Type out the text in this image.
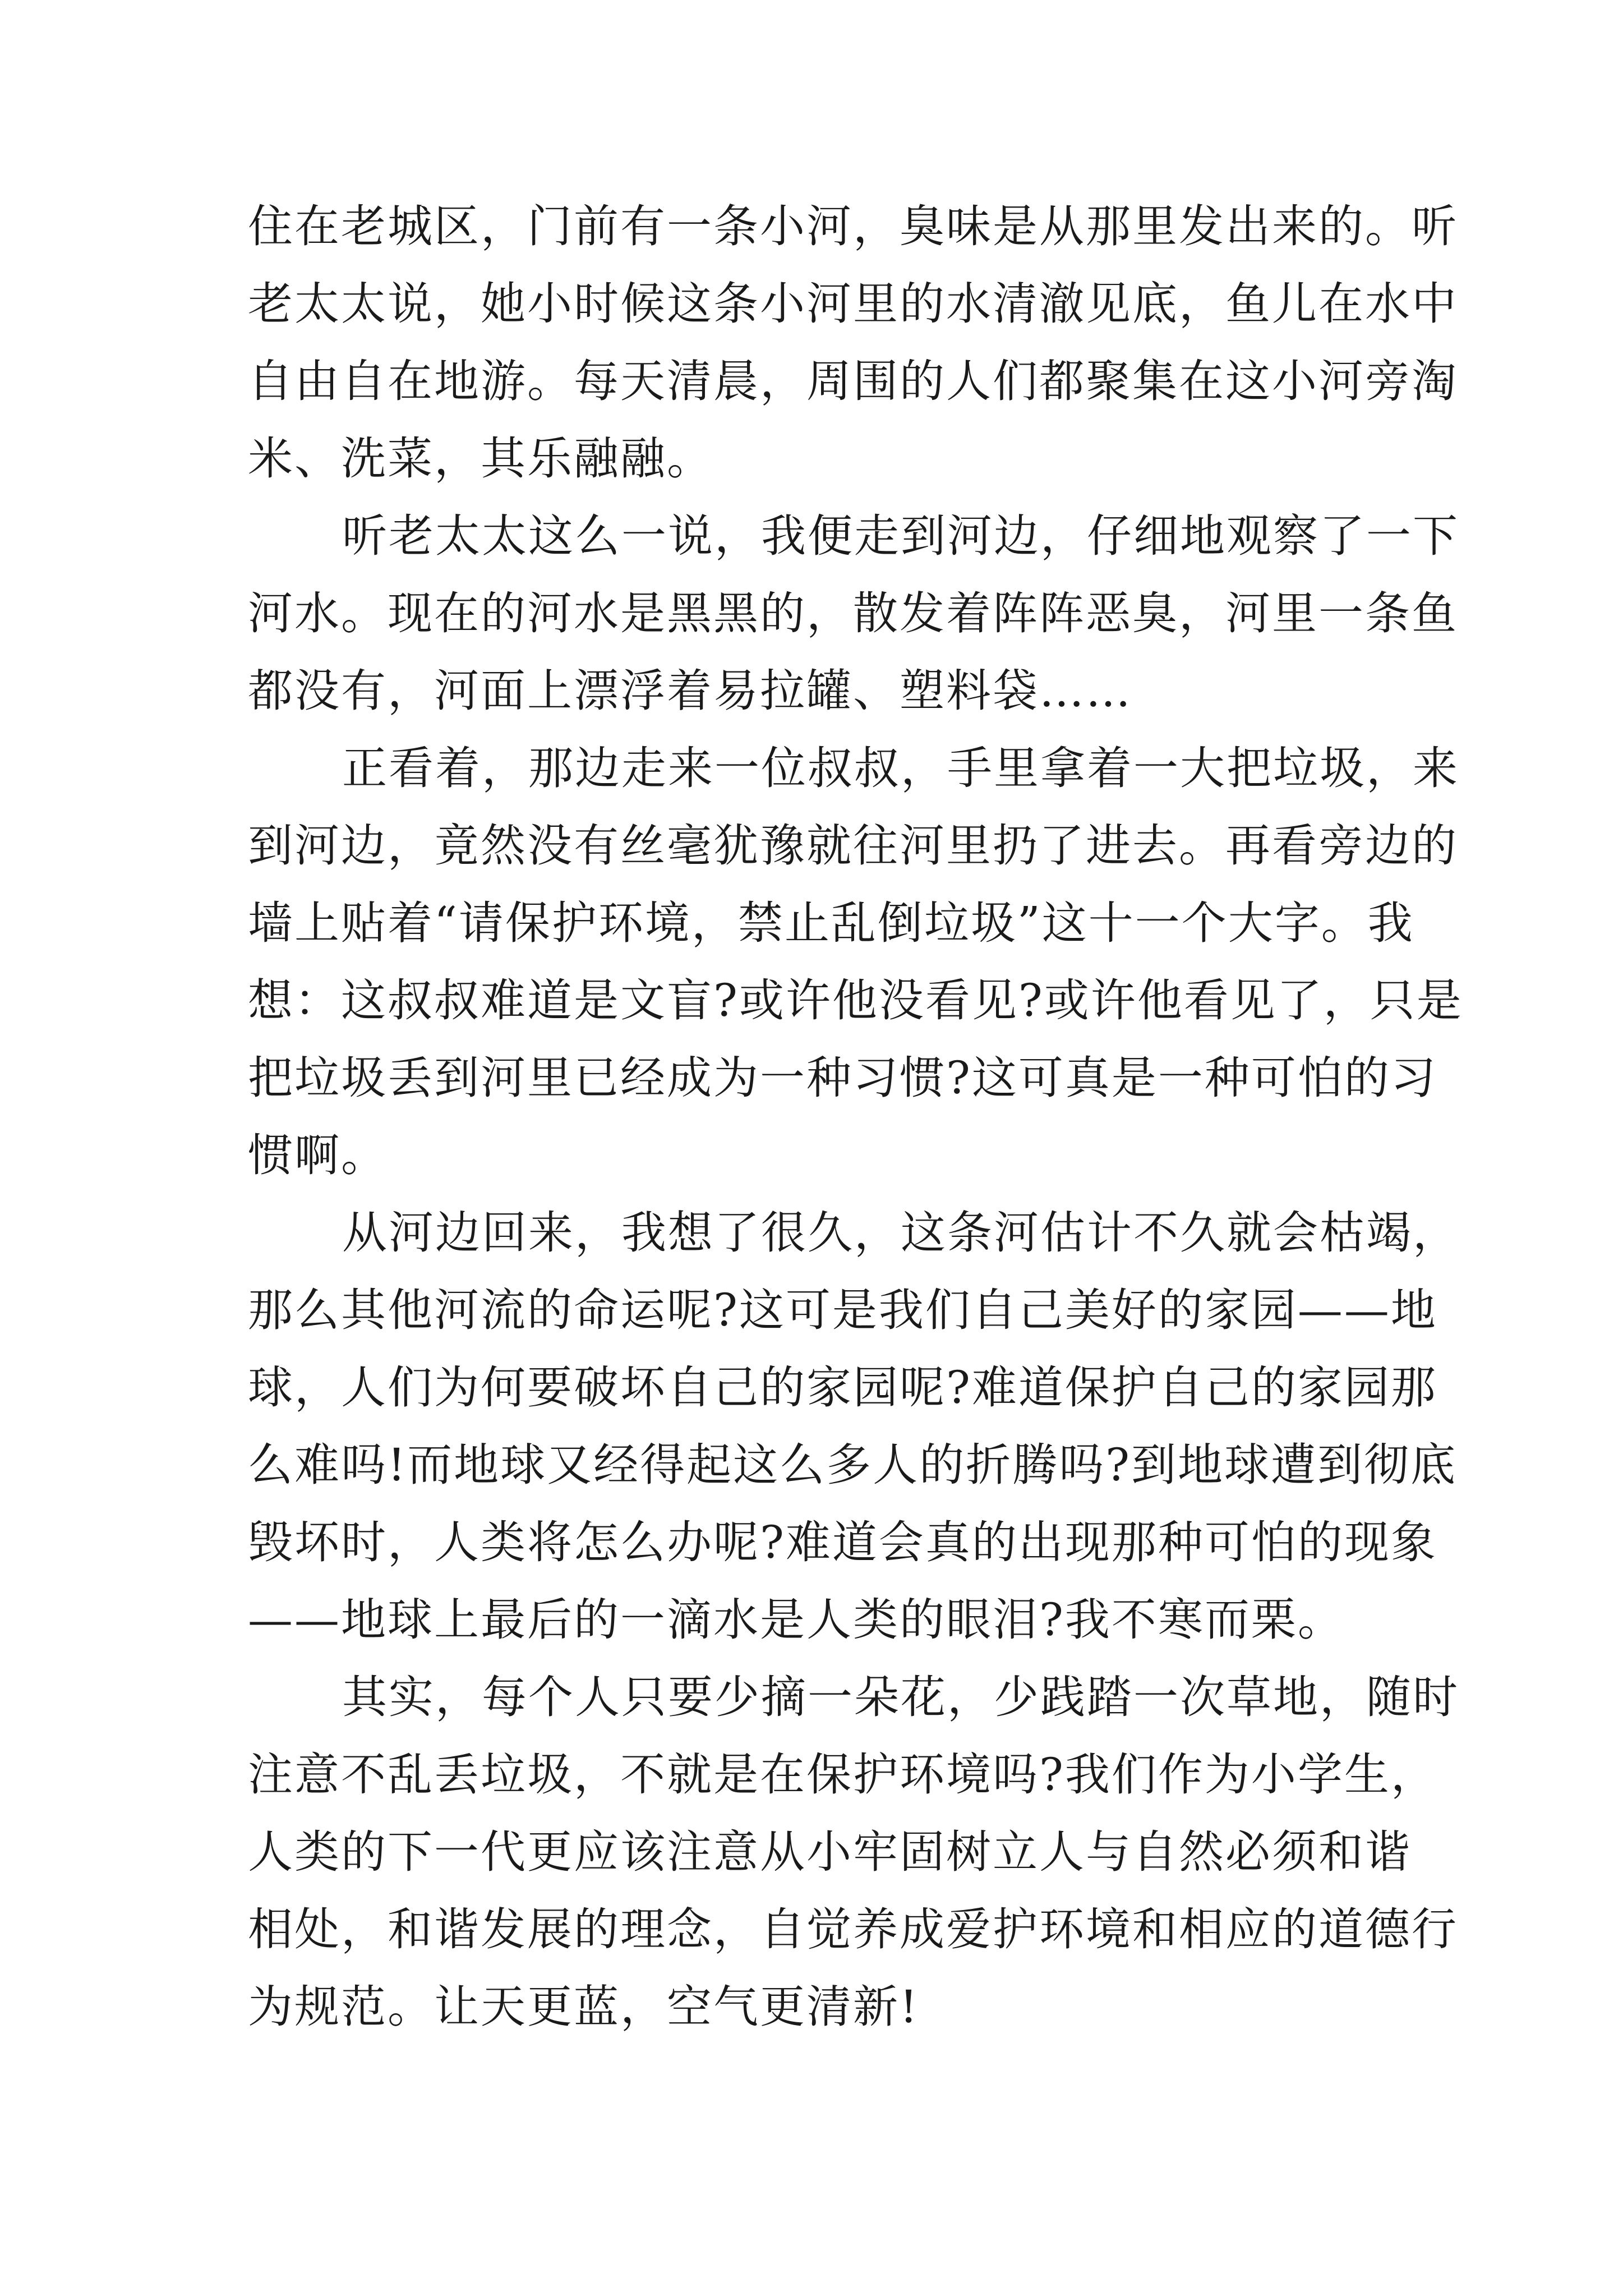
住在老城区，门前有一条小河，臭味是从那里发出来的。听
老太太说，她小时候这条小河里的水清澈见底，鱼儿在水中
自由自在地游。每天清晨，周围的人们都聚集在这小河旁淘
米、洗菜，其乐融融。
听老太太这么一说，我便走到河边，仔细地观察了一下
河水。现在的河水是黑黑的，散发着阵阵恶臭，河里一条鱼
都没有，河面上漂浮着易拉罐、塑料袋……
正看着，那边走来一位叔叔，手里拿着一大把垃圾，来
到河边，竟然没有丝毫犹豫就往河里扔了进去。再看旁边的
墙上贴着“请保护环境，禁止乱倒垃圾”这十一个大字。我
想：这叔叔难道是文盲?或许他没看见?或许他看见了，只是
把垃圾丢到河里已经成为一种习惯?这可真是一种可怕的习
惯啊。
从河边回来，我想了很久，这条河估计不久就会枯竭，
那么其他河流的命运呢?这可是我们自己美好的家园——地
球，人们为何要破坏自己的家园呢?难道保护自己的家园那
么难吗!而地球又经得起这么多人的折腾吗?到地球遭到彻底
毁坏时，人类将怎么办呢?难道会真的出现那种可怕的现象
——地球上最后的一滴水是人类的眼泪?我不寒而栗。
其实，每个人只要少摘一朵花，少践踏一次草地，随时
注意不乱丢垃圾，不就是在保护环境吗?我们作为小学生，
人类的下一代更应该注意从小牢固树立人与自然必须和谐
相处，和谐发展的理念，自觉养成爱护环境和相应的道德行
为规范。让天更蓝，空气更清新!
